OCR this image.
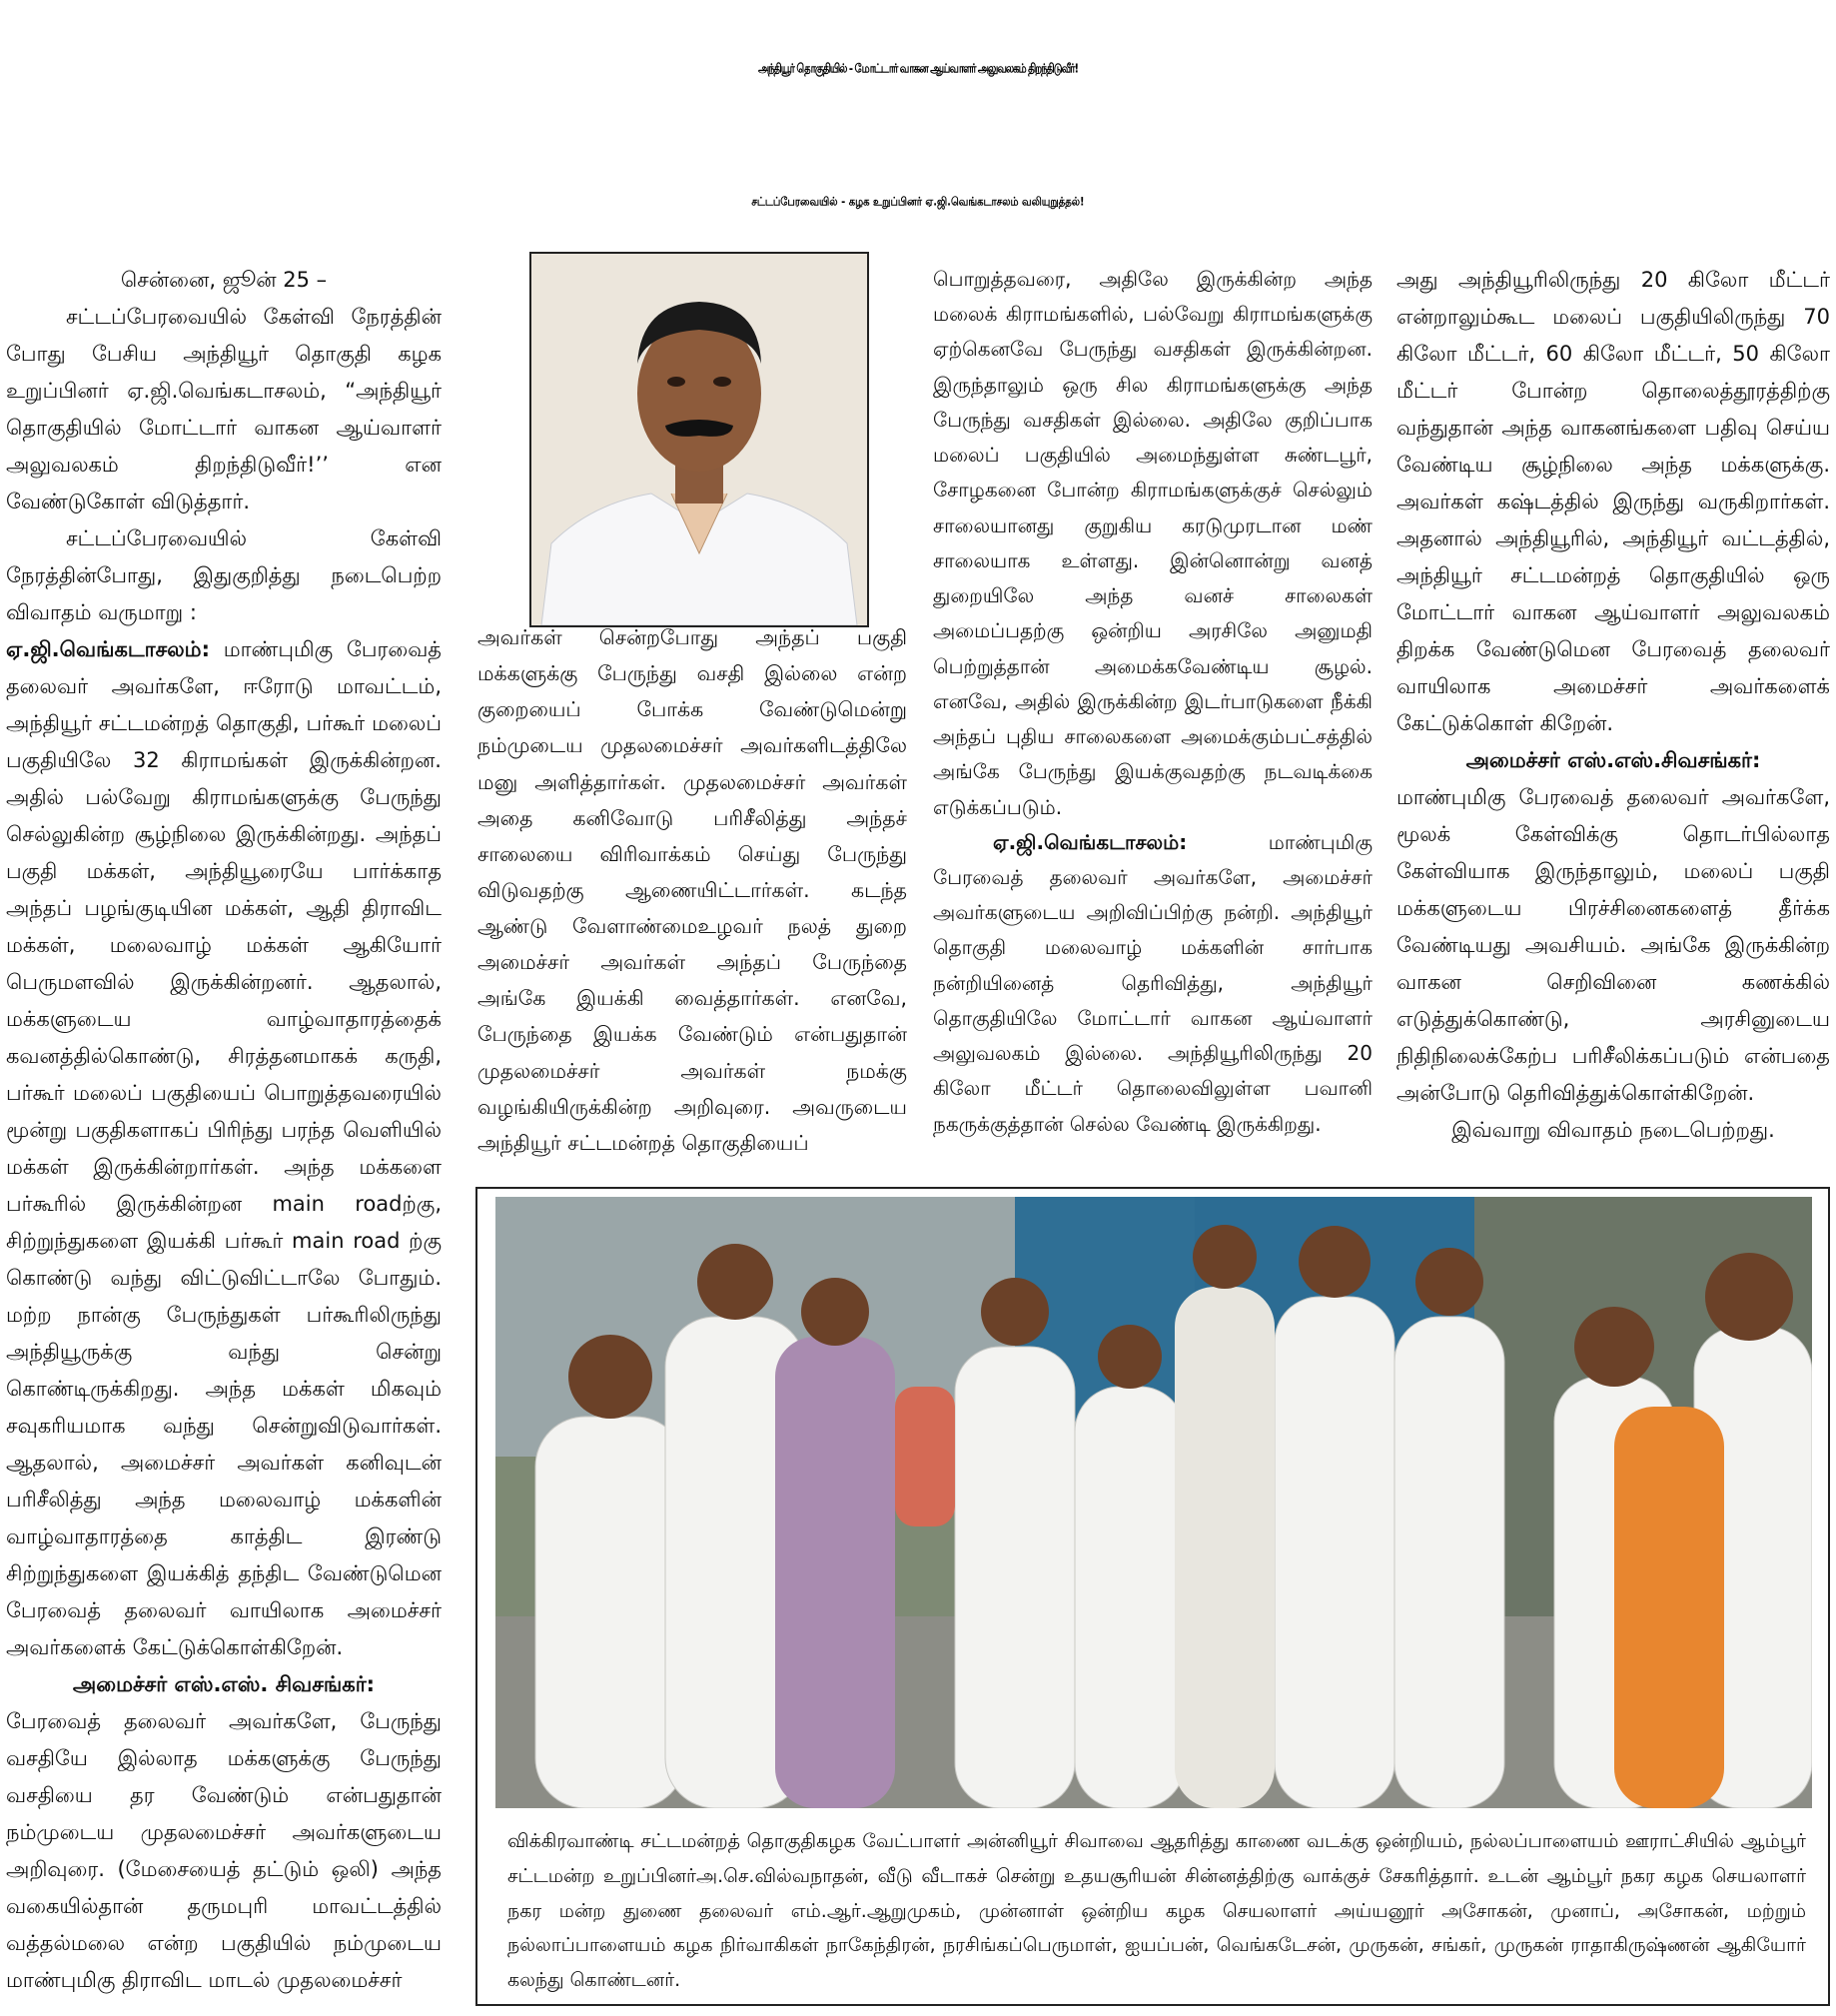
அந்தியூர் தொகுதியில் - மோட்டார் வாகன ஆய்வாளர் அலுவலகம் திறந்திடுவீர்!
சட்டப்பேரவையில் - கழக உறுப்பினர் ஏ.ஜி.வெங்கடாசலம் வலியுறுத்தல்!

சென்னை, ஜூன் 25 –

சட்டப்பேரவையில் கேள்வி நேரத்தின் போது பேசிய அந்தியூர் தொகுதி கழக உறுப்பினர் ஏ.ஜி.வெங்கடாசலம், “அந்தியூர் தொகுதியில் மோட்டார் வாகன ஆய்வாளர் அலுவலகம் திறந்திடுவீர்!’’ என வேண்டுகோள் விடுத்தார்.

சட்டப்பேரவையில் கேள்வி நேரத்தின்போது, இதுகுறித்து நடைபெற்ற விவாதம் வருமாறு :

ஏ.ஜி.வெங்கடாசலம்: மாண்புமிகு பேரவைத் தலைவர் அவர்களே, ஈரோடு மாவட்டம், அந்தியூர் சட்டமன்றத் தொகுதி, பர்கூர் மலைப் பகுதியிலே 32 கிராமங்கள் இருக்கின்றன. அதில் பல்வேறு கிராமங்களுக்கு பேருந்து செல்லுகின்ற சூழ்நிலை இருக்கின்றது. அந்தப் பகுதி மக்கள், அந்தியூரையே பார்க்காத அந்தப் பழங்குடியின மக்கள், ஆதி திராவிட மக்கள், மலைவாழ் மக்கள் ஆகியோர் பெருமளவில் இருக்கின்றனர். ஆதலால், மக்களுடைய வாழ்வாதாரத்தைக் கவனத்தில்கொண்டு, சிரத்தனமாகக் கருதி, பர்கூர் மலைப் பகுதியைப் பொறுத்தவரையில் மூன்று பகுதிகளாகப் பிரிந்து பரந்த வெளியில் மக்கள் இருக்கின்றார்கள். அந்த மக்களை பர்கூரில் இருக்கின்றன main roadற்கு, சிற்றுந்துகளை இயக்கி பர்கூர் main road ற்கு கொண்டு வந்து விட்டுவிட்டாலே போதும். மற்ற நான்கு பேருந்துகள் பர்கூரிலிருந்து அந்தியூருக்கு வந்து சென்று கொண்டிருக்கிறது. அந்த மக்கள் மிகவும் சவுகரியமாக வந்து சென்றுவிடுவார்கள். ஆதலால், அமைச்சர் அவர்கள் கனிவுடன் பரிசீலித்து அந்த மலைவாழ் மக்களின் வாழ்வாதாரத்தை காத்திட இரண்டு சிற்றுந்துகளை இயக்கித் தந்திட வேண்டுமென பேரவைத் தலைவர் வாயிலாக அமைச்சர் அவர்களைக் கேட்டுக்கொள்கிறேன்.

அமைச்சர் எஸ்.எஸ். சிவசங்கர்:

பேரவைத் தலைவர் அவர்களே, பேருந்து வசதியே இல்லாத மக்களுக்கு பேருந்து வசதியை தர வேண்டும் என்பதுதான் நம்முடைய முதலமைச்சர் அவர்களுடைய அறிவுரை. (மேசையைத் தட்டும் ஒலி) அந்த வகையில்தான் தருமபுரி மாவட்டத்தில் வத்தல்மலை என்ற பகுதியில் நம்முடைய மாண்புமிகு திராவிட மாடல் முதலமைச்சர்

அவர்கள் சென்றபோது அந்தப் பகுதி மக்களுக்கு பேருந்து வசதி இல்லை என்ற குறையைப் போக்க வேண்டுமென்று நம்முடைய முதலமைச்சர் அவர்களிடத்திலே மனு அளித்தார்கள். முதலமைச்சர் அவர்கள் அதை கனிவோடு பரிசீலித்து அந்தச் சாலையை விரிவாக்கம் செய்து பேருந்து விடுவதற்கு ஆணையிட்டார்கள். கடந்த ஆண்டு வேளாண்மைஉழவர் நலத் துறை அமைச்சர் அவர்கள் அந்தப் பேருந்தை அங்கே இயக்கி வைத்தார்கள். எனவே, பேருந்தை இயக்க வேண்டும் என்பதுதான் முதலமைச்சர் அவர்கள் நமக்கு வழங்கியிருக்கின்ற அறிவுரை. அவருடைய அந்தியூர் சட்டமன்றத் தொகுதியைப்

பொறுத்தவரை, அதிலே இருக்கின்ற அந்த மலைக் கிராமங்களில், பல்வேறு கிராமங்களுக்கு ஏற்கெனவே பேருந்து வசதிகள் இருக்கின்றன. இருந்தாலும் ஒரு சில கிராமங்களுக்கு அந்த பேருந்து வசதிகள் இல்லை. அதிலே குறிப்பாக மலைப் பகுதியில் அமைந்துள்ள சுண்டபூர், சோழகனை போன்ற கிராமங்களுக்குச் செல்லும் சாலையானது குறுகிய கரடுமுரடான மண் சாலையாக உள்ளது. இன்னொன்று வனத் துறையிலே அந்த வனச் சாலைகள் அமைப்பதற்கு ஒன்றிய அரசிலே அனுமதி பெற்றுத்தான் அமைக்கவேண்டிய சூழல். எனவே, அதில் இருக்கின்ற இடர்பாடுகளை நீக்கி அந்தப் புதிய சாலைகளை அமைக்கும்பட்சத்தில் அங்கே பேருந்து இயக்குவதற்கு நடவடிக்கை எடுக்கப்படும்.

ஏ.ஜி.வெங்கடாசலம்:	மாண்புமிகு பேரவைத் தலைவர் அவர்களே, அமைச்சர் அவர்களுடைய அறிவிப்பிற்கு நன்றி. அந்தியூர் தொகுதி மலைவாழ் மக்களின் சார்பாக நன்றியினைத் தெரிவித்து, அந்தியூர் தொகுதியிலே மோட்டார் வாகன ஆய்வாளர் அலுவலகம் இல்லை. அந்தியூரிலிருந்து 20 கிலோ மீட்டர் தொலைவிலுள்ள பவானி நகருக்குத்தான் செல்ல வேண்டி இருக்கிறது.

அது அந்தியூரிலிருந்து 20 கிலோ மீட்டர் என்றாலும்கூட மலைப் பகுதியிலிருந்து 70 கிலோ மீட்டர், 60 கிலோ மீட்டர், 50 கிலோ மீட்டர் போன்ற தொலைத்தூரத்திற்கு வந்துதான் அந்த வாகனங்களை பதிவு செய்ய வேண்டிய சூழ்நிலை அந்த மக்களுக்கு. அவர்கள் கஷ்டத்தில் இருந்து வருகிறார்கள். அதனால் அந்தியூரில், அந்தியூர் வட்டத்தில், அந்தியூர் சட்டமன்றத் தொகுதியில் ஒரு மோட்டார் வாகன ஆய்வாளர் அலுவலகம் திறக்க வேண்டுமென பேரவைத் தலைவர் வாயிலாக அமைச்சர் அவர்களைக் கேட்டுக்கொள் கிறேன்.

அமைச்சர் எஸ்.எஸ்.சிவசங்கர்:

மாண்புமிகு பேரவைத் தலைவர் அவர்களே, மூலக் கேள்விக்கு தொடர்பில்லாத கேள்வியாக இருந்தாலும், மலைப் பகுதி மக்களுடைய பிரச்சினைகளைத் தீர்க்க வேண்டியது அவசியம். அங்கே இருக்கின்ற வாகன செறிவினை கணக்கில் எடுத்துக்கொண்டு, அரசினுடைய நிதிநிலைக்கேற்ப பரிசீலிக்கப்படும் என்பதை அன்போடு தெரிவித்துக்கொள்கிறேன்.

இவ்வாறு விவாதம் நடைபெற்றது.

விக்கிரவாண்டி சட்டமன்றத் தொகுதிகழக வேட்பாளர் அன்னியூர் சிவாவை ஆதரித்து காணை வடக்கு ஒன்றியம், நல்லப்பாளையம் ஊராட்சியில் ஆம்பூர் சட்டமன்ற உறுப்பினர்அ.செ.வில்வநாதன், வீடு வீடாகச் சென்று உதயசூரியன் சின்னத்திற்கு வாக்குச் சேகரித்தார். உடன் ஆம்பூர் நகர கழக செயலாளர் நகர மன்ற துணை தலைவர் எம்.ஆர்.ஆறுமுகம், முன்னாள் ஒன்றிய கழக செயலாளர் அய்யனூர் அசோகன், முனாப், அசோகன், மற்றும் நல்லாப்பாளையம் கழக நிர்வாகிகள் நாகேந்திரன், நரசிங்கப்பெருமாள், ஐயப்பன், வெங்கடேசன், முருகன், சங்கர், முருகன் ராதாகிருஷ்ணன் ஆகியோர் கலந்து கொண்டனர்.
